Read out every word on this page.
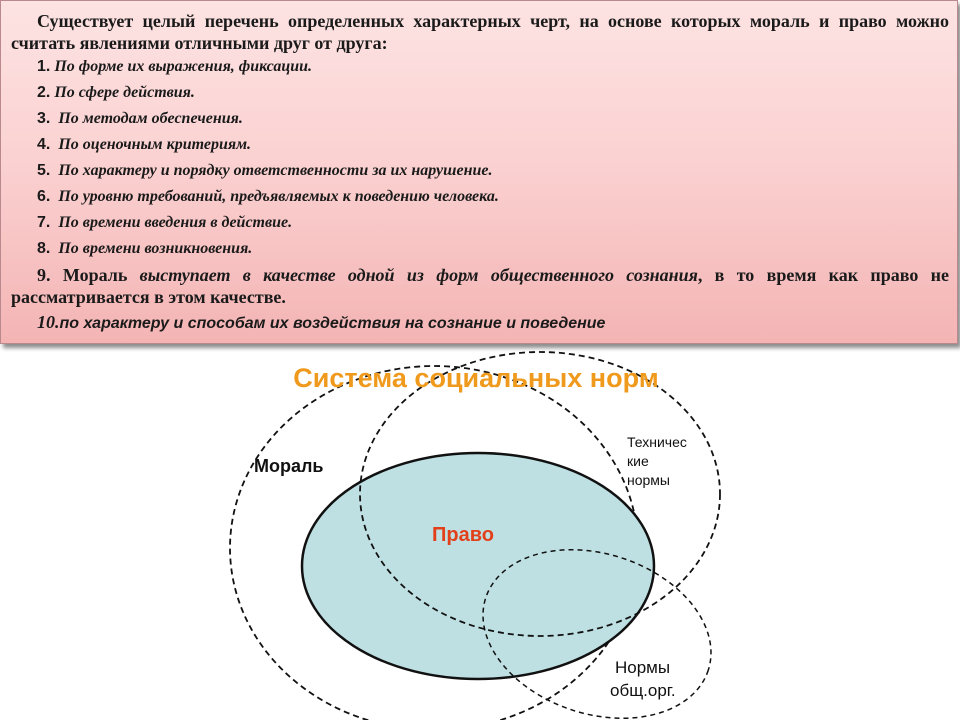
Существует целый перечень определенных характерных черт, на основе которых мораль и право можно считать явлениями отличными друг от друга:

1. По форме их выражения, фиксации.

2. По сфере действия.

3. По методам обеспечения.

4. По оценочным критериям.

5. По характеру и порядку ответственности за их нарушение.

6. По уровню требований, предъявляемых к поведению человека.

7. По времени введения в действие.

8. По времени возникновения.

9. Мораль выступает в качестве одной из форм общественного сознания, в то время как право не рассматривается в этом качестве.

10.по характеру и способам их воздействия на сознание и поведение

Система социальных норм
Мораль
Право
Техничес
кие
нормы
Нормы
общ.орг.
